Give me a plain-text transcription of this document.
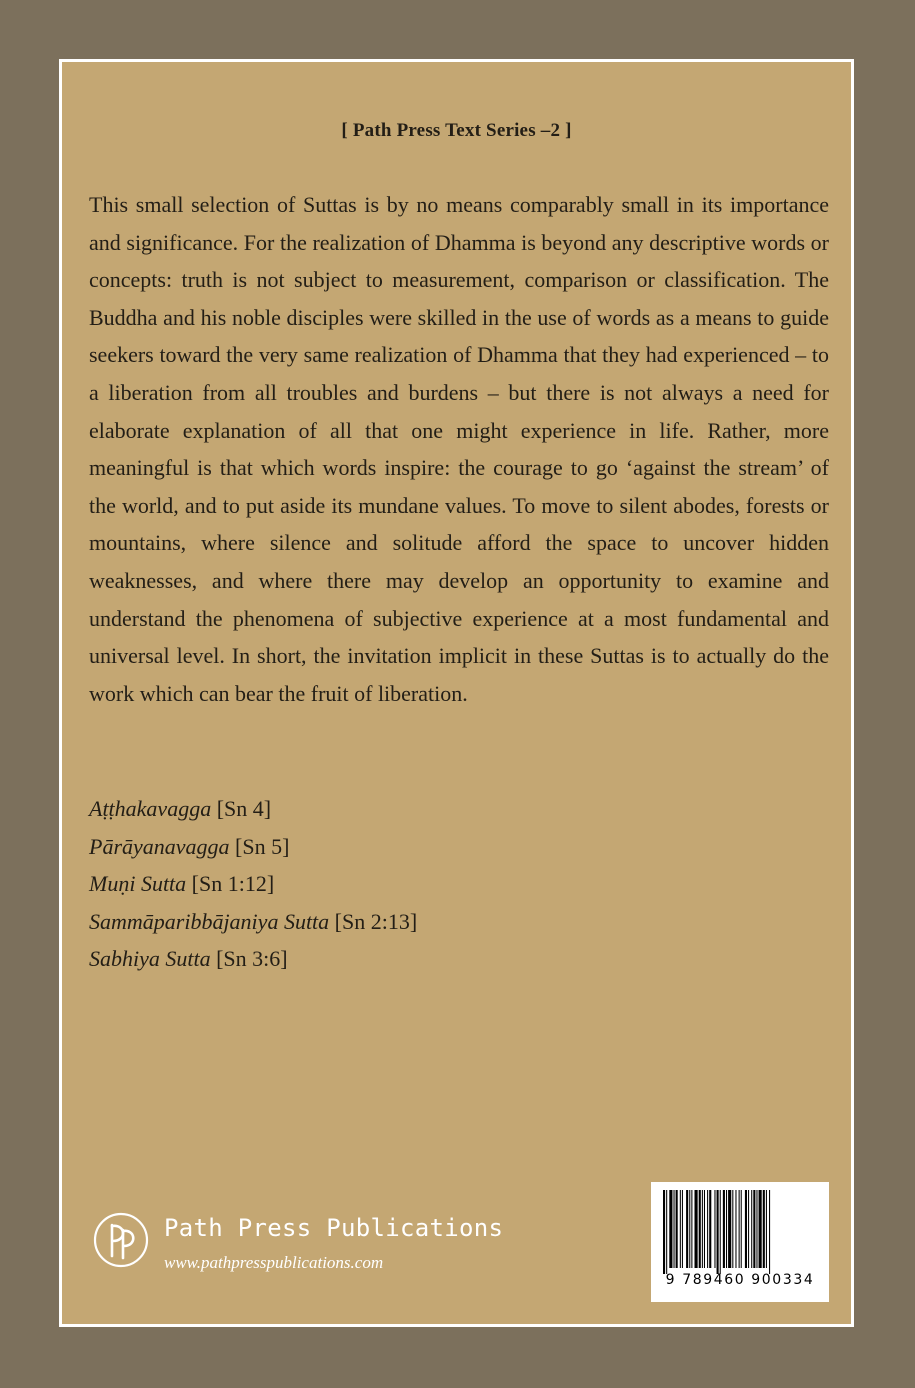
[ Path Press Text Series –2 ]

This small selection of Suttas is by no means comparably small in its importance and significance. For the realization of Dhamma is beyond any descriptive words or concepts: truth is not subject to measurement, comparison or classification. The Buddha and his noble disciples were skilled in the use of words as a means to guide seekers toward the very same realization of Dhamma that they had experienced – to a liberation from all troubles and burdens – but there is not always a need for elaborate explanation of all that one might experience in life. Rather, more meaningful is that which words inspire: the courage to go ‘against the stream’ of the world, and to put aside its mundane values. To move to silent abodes, forests or mountains, where silence and solitude afford the space to uncover hidden weaknesses, and where there may develop an opportunity to examine and understand the phenomena of subjective experience at a most fundamental and universal level. In short, the invitation implicit in these Suttas is to actually do the work which can bear the fruit of liberation.

Aṭṭhakavagga [Sn 4]
Pārāyanavagga [Sn 5]
Muṇi Sutta [Sn 1:12]
Sammāparibbājaniya Sutta [Sn 2:13]
Sabhiya Sutta [Sn 3:6]
Path Press Publications
www.pathpresspublications.com
9 789460 900334
